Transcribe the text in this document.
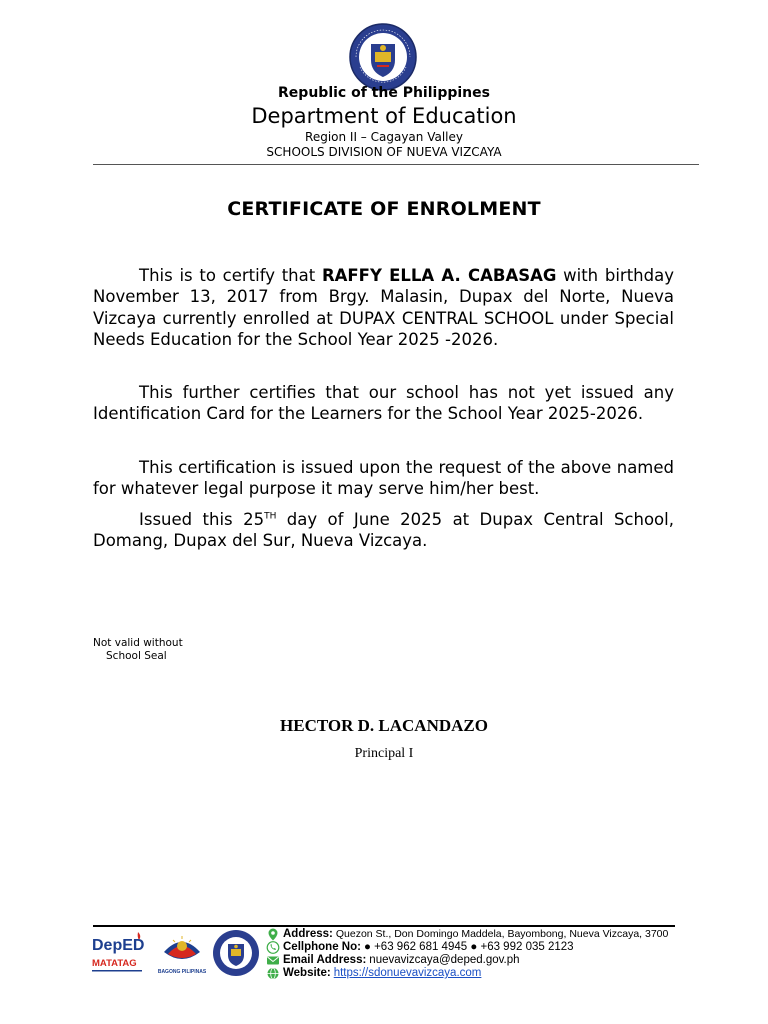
Republic of the Philippines
Department of Education
Region II – Cagayan Valley
SCHOOLS DIVISION OF NUEVA VIZCAYA
CERTIFICATE OF ENROLMENT

This is to certify that RAFFY ELLA A. CABASAG with birthday November 13, 2017 from Brgy. Malasin, Dupax del Norte, Nueva Vizcaya currently enrolled at DUPAX CENTRAL SCHOOL under Special Needs Education for the School Year 2025 -2026.

This further certifies that our school has not yet issued any Identification Card for the Learners for the School Year 2025-2026.

This certification is issued upon the request of the above named for whatever legal purpose it may serve him/her best.

Issued this 25TH day of June 2025 at Dupax Central School, Domang, Dupax del Sur, Nueva Vizcaya.

Not valid without
School Seal
HECTOR D. LACANDAZO
Principal I
DepED
MATATAG
BAGONG PILIPINAS
Address: Quezon St., Don Domingo Maddela, Bayombong, Nueva Vizcaya, 3700
Cellphone No: ● +63 962 681 4945 ● +63 992 035 2123
Email Address: nuevavizcaya@deped.gov.ph
Website: https://sdonuevavizcaya.com
